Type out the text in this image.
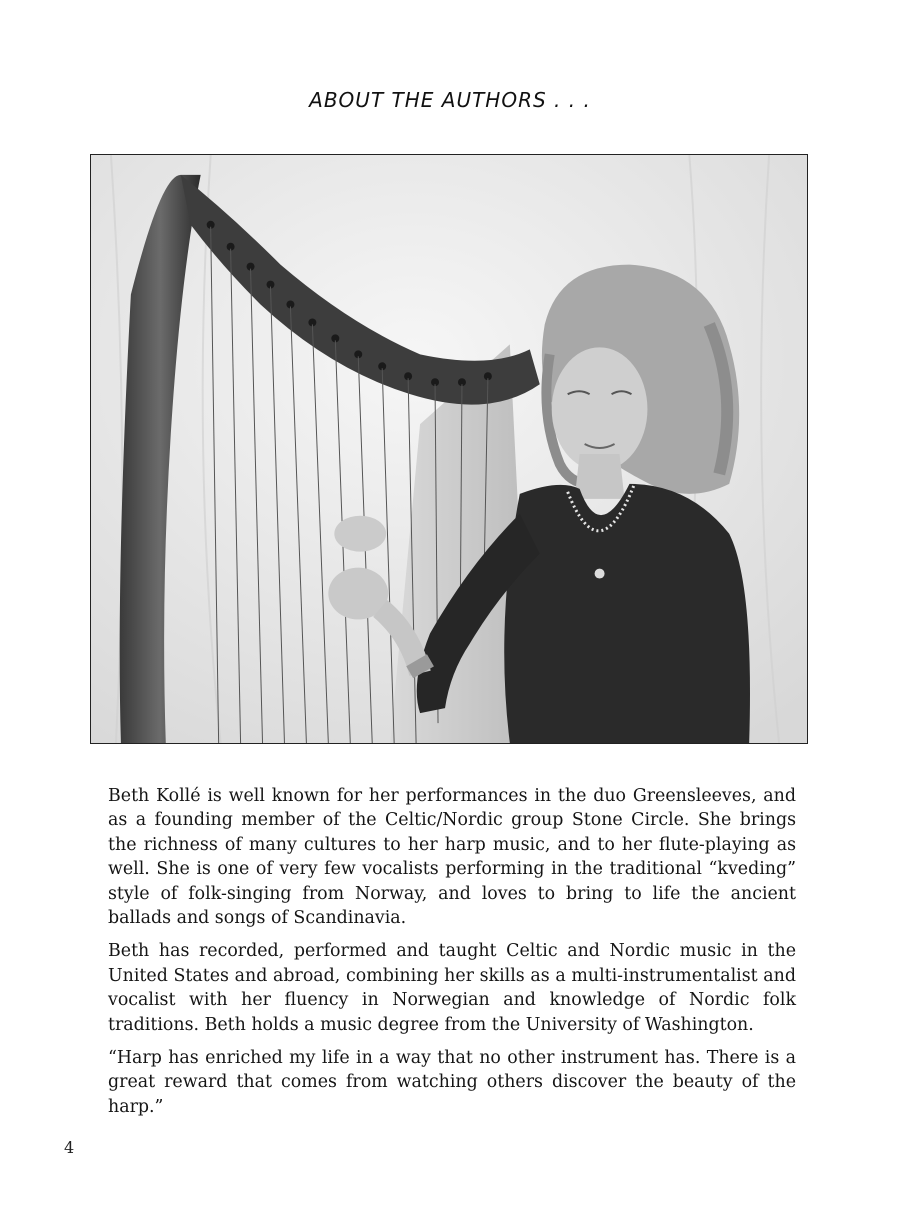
ABOUT THE AUTHORS . . .

Beth Kollé is well known for her performances in the duo Greensleeves, and as a founding member of the Celtic/Nordic group Stone Circle. She brings the richness of many cultures to her harp music, and to her flute-playing as well. She is one of very few vocalists performing in the traditional “kveding” style of folk-singing from Norway, and loves to bring to life the ancient ballads and songs of Scandinavia.

Beth has recorded, performed and taught Celtic and Nordic music in the United States and abroad, combining her skills as a multi-instrumentalist and vocalist with her fluency in Norwegian and knowledge of Nordic folk traditions. Beth holds a music degree from the University of Washington.

“Harp has enriched my life in a way that no other instrument has. There is a great reward that comes from watching others discover the beauty of the harp.”

4
